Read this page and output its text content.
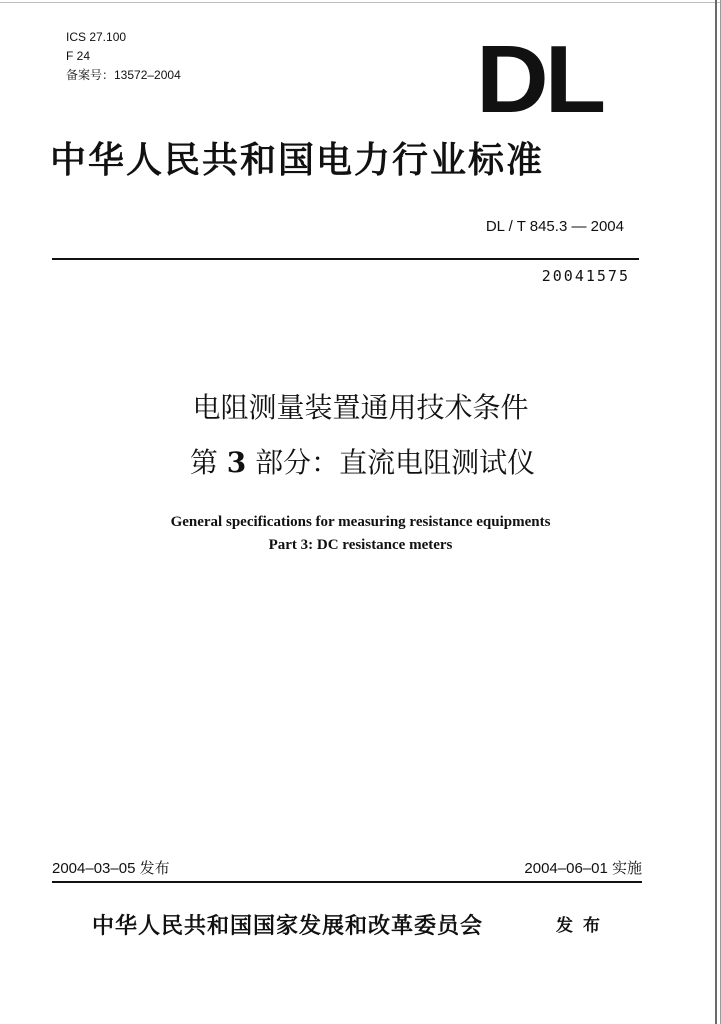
ICS 27.100
F 24
备案号：13572–2004	DL
中华人民共和国电力行业标准
DL / T 845.3 — 2004
20041575
电阻测量装置通用技术条件
第 3 部分：直流电阻测试仪
General specifications for measuring resistance equipments
Part 3: DC resistance meters
2004–03–05 发布	2004–06–01 实施
中华人民共和国国家发展和改革委员会	发布
